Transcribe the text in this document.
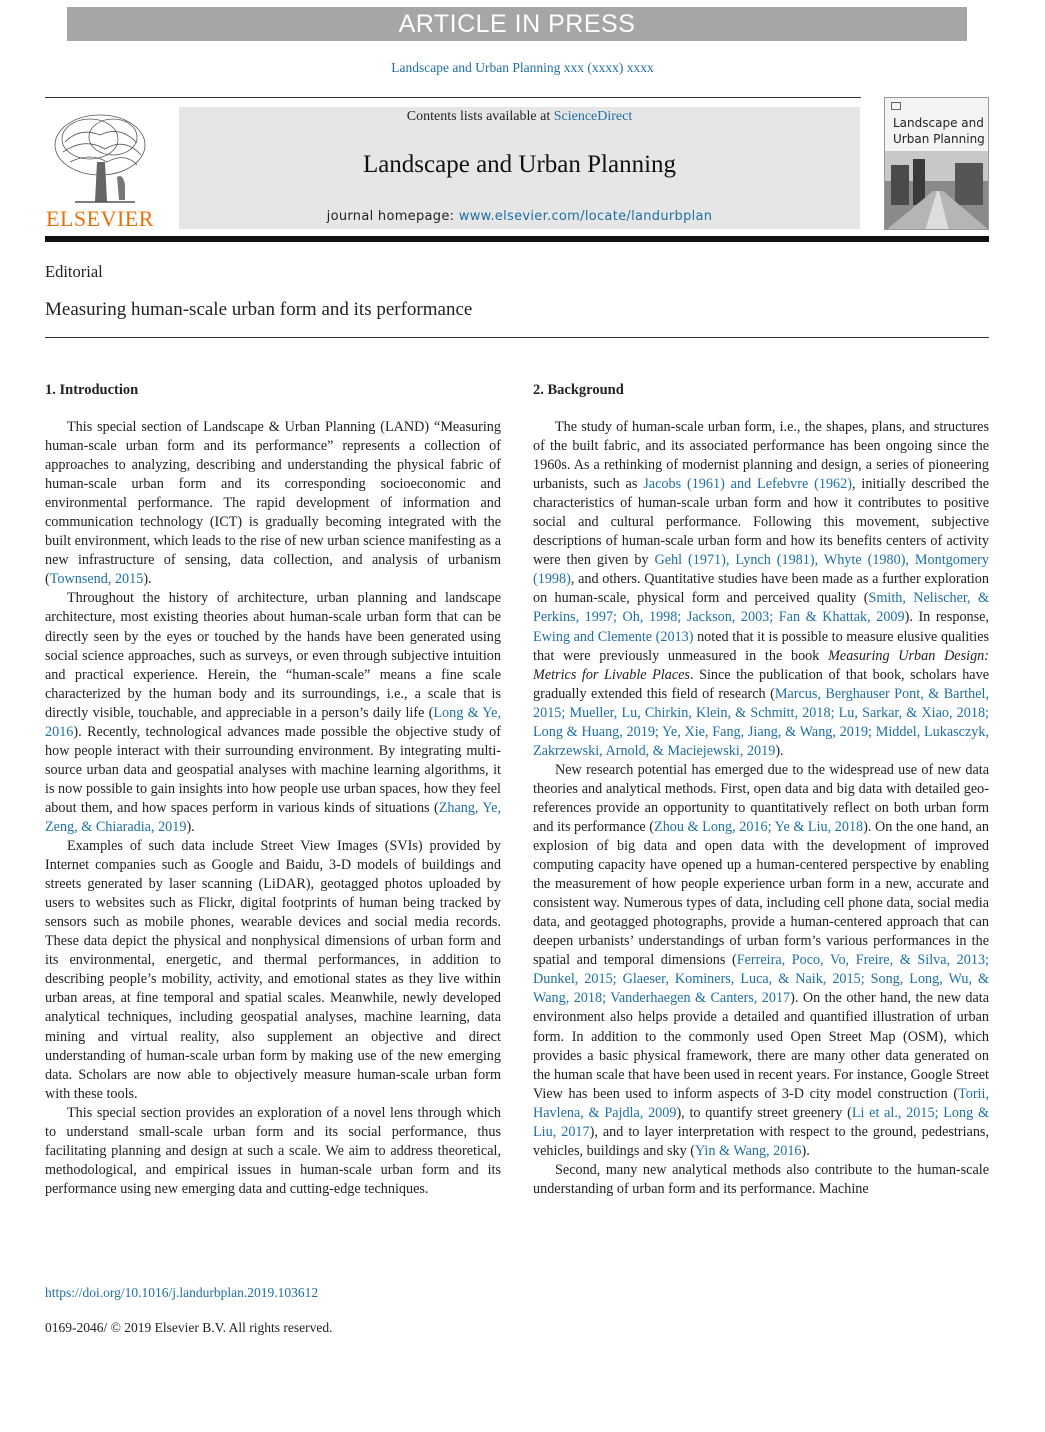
ARTICLE IN PRESS
Landscape and Urban Planning xxx (xxxx) xxxx
ELSEVIER
Contents lists available at ScienceDirect
Landscape and Urban Planning
journal homepage: www.elsevier.com/locate/landurbplan
Landscape and Urban Planning
Editorial
Measuring human-scale urban form and its performance
1. Introduction

This special section of Landscape & Urban Planning (LAND) “Measuring human-scale urban form and its performance” represents a collection of approaches to analyzing, describing and understanding the physical fabric of human-scale urban form and its corresponding socioeconomic and environmental performance. The rapid development of information and communication technology (ICT) is gradually becoming integrated with the built environment, which leads to the rise of new urban science manifesting as a new infrastructure of sensing, data collection, and analysis of urbanism (Townsend, 2015).

Throughout the history of architecture, urban planning and landscape architecture, most existing theories about human-scale urban form that can be directly seen by the eyes or touched by the hands have been generated using social science approaches, such as surveys, or even through subjective intuition and practical experience. Herein, the “human-scale” means a fine scale characterized by the human body and its surroundings, i.e., a scale that is directly visible, touchable, and appreciable in a person’s daily life (Long & Ye, 2016). Recently, technological advances made possible the objective study of how people interact with their surrounding environment. By integrating multi-source urban data and geospatial analyses with machine learning algorithms, it is now possible to gain insights into how people use urban spaces, how they feel about them, and how spaces perform in various kinds of situations (Zhang, Ye, Zeng, & Chiaradia, 2019).

Examples of such data include Street View Images (SVIs) provided by Internet companies such as Google and Baidu, 3-D models of buildings and streets generated by laser scanning (LiDAR), geotagged photos uploaded by users to websites such as Flickr, digital footprints of human being tracked by sensors such as mobile phones, wearable devices and social media records. These data depict the physical and nonphysical dimensions of urban form and its environmental, energetic, and thermal performances, in addition to describing people’s mobility, activity, and emotional states as they live within urban areas, at fine temporal and spatial scales. Meanwhile, newly developed analytical techniques, including geospatial analyses, machine learning, data mining and virtual reality, also supplement an objective and direct understanding of human-scale urban form by making use of the new emerging data. Scholars are now able to objectively measure human-scale urban form with these tools.

This special section provides an exploration of a novel lens through which to understand small-scale urban form and its social performance, thus facilitating planning and design at such a scale. We aim to address theoretical, methodological, and empirical issues in human-scale urban form and its performance using new emerging data and cutting-edge techniques.

2. Background

The study of human-scale urban form, i.e., the shapes, plans, and structures of the built fabric, and its associated performance has been ongoing since the 1960s. As a rethinking of modernist planning and design, a series of pioneering urbanists, such as Jacobs (1961) and Lefebvre (1962), initially described the characteristics of human-scale urban form and how it contributes to positive social and cultural performance. Following this movement, subjective descriptions of human-scale urban form and how its benefits centers of activity were then given by Gehl (1971), Lynch (1981), Whyte (1980), Montgomery (1998), and others. Quantitative studies have been made as a further exploration on human-scale, physical form and perceived quality (Smith, Nelischer, & Perkins, 1997; Oh, 1998; Jackson, 2003; Fan & Khattak, 2009). In response, Ewing and Clemente (2013) noted that it is possible to measure elusive qualities that were previously unmeasured in the book Measuring Urban Design: Metrics for Livable Places. Since the publication of that book, scholars have gradually extended this field of research (Marcus, Berghauser Pont, & Barthel, 2015; Mueller, Lu, Chirkin, Klein, & Schmitt, 2018; Lu, Sarkar, & Xiao, 2018; Long & Huang, 2019; Ye, Xie, Fang, Jiang, & Wang, 2019; Middel, Lukasczyk, Zakrzewski, Arnold, & Maciejewski, 2019).

New research potential has emerged due to the widespread use of new data theories and analytical methods. First, open data and big data with detailed geo-references provide an opportunity to quantitatively reflect on both urban form and its performance (Zhou & Long, 2016; Ye & Liu, 2018). On the one hand, an explosion of big data and open data with the development of improved computing capacity have opened up a human-centered perspective by enabling the measurement of how people experience urban form in a new, accurate and consistent way. Numerous types of data, including cell phone data, social media data, and geotagged photographs, provide a human-centered approach that can deepen urbanists’ understandings of urban form’s various performances in the spatial and temporal dimensions (Ferreira, Poco, Vo, Freire, & Silva, 2013; Dunkel, 2015; Glaeser, Kominers, Luca, & Naik, 2015; Song, Long, Wu, & Wang, 2018; Vanderhaegen & Canters, 2017). On the other hand, the new data environment also helps provide a detailed and quantified illustration of urban form. In addition to the commonly used Open Street Map (OSM), which provides a basic physical framework, there are many other data generated on the human scale that have been used in recent years. For instance, Google Street View has been used to inform aspects of 3-D city model construction (Torii, Havlena, & Pajdla, 2009), to quantify street greenery (Li et al., 2015; Long & Liu, 2017), and to layer interpretation with respect to the ground, pedestrians, vehicles, buildings and sky (Yin & Wang, 2016).

Second, many new analytical methods also contribute to the human-scale understanding of urban form and its performance. Machine

https://doi.org/10.1016/j.landurbplan.2019.103612
0169-2046/ © 2019 Elsevier B.V. All rights reserved.
